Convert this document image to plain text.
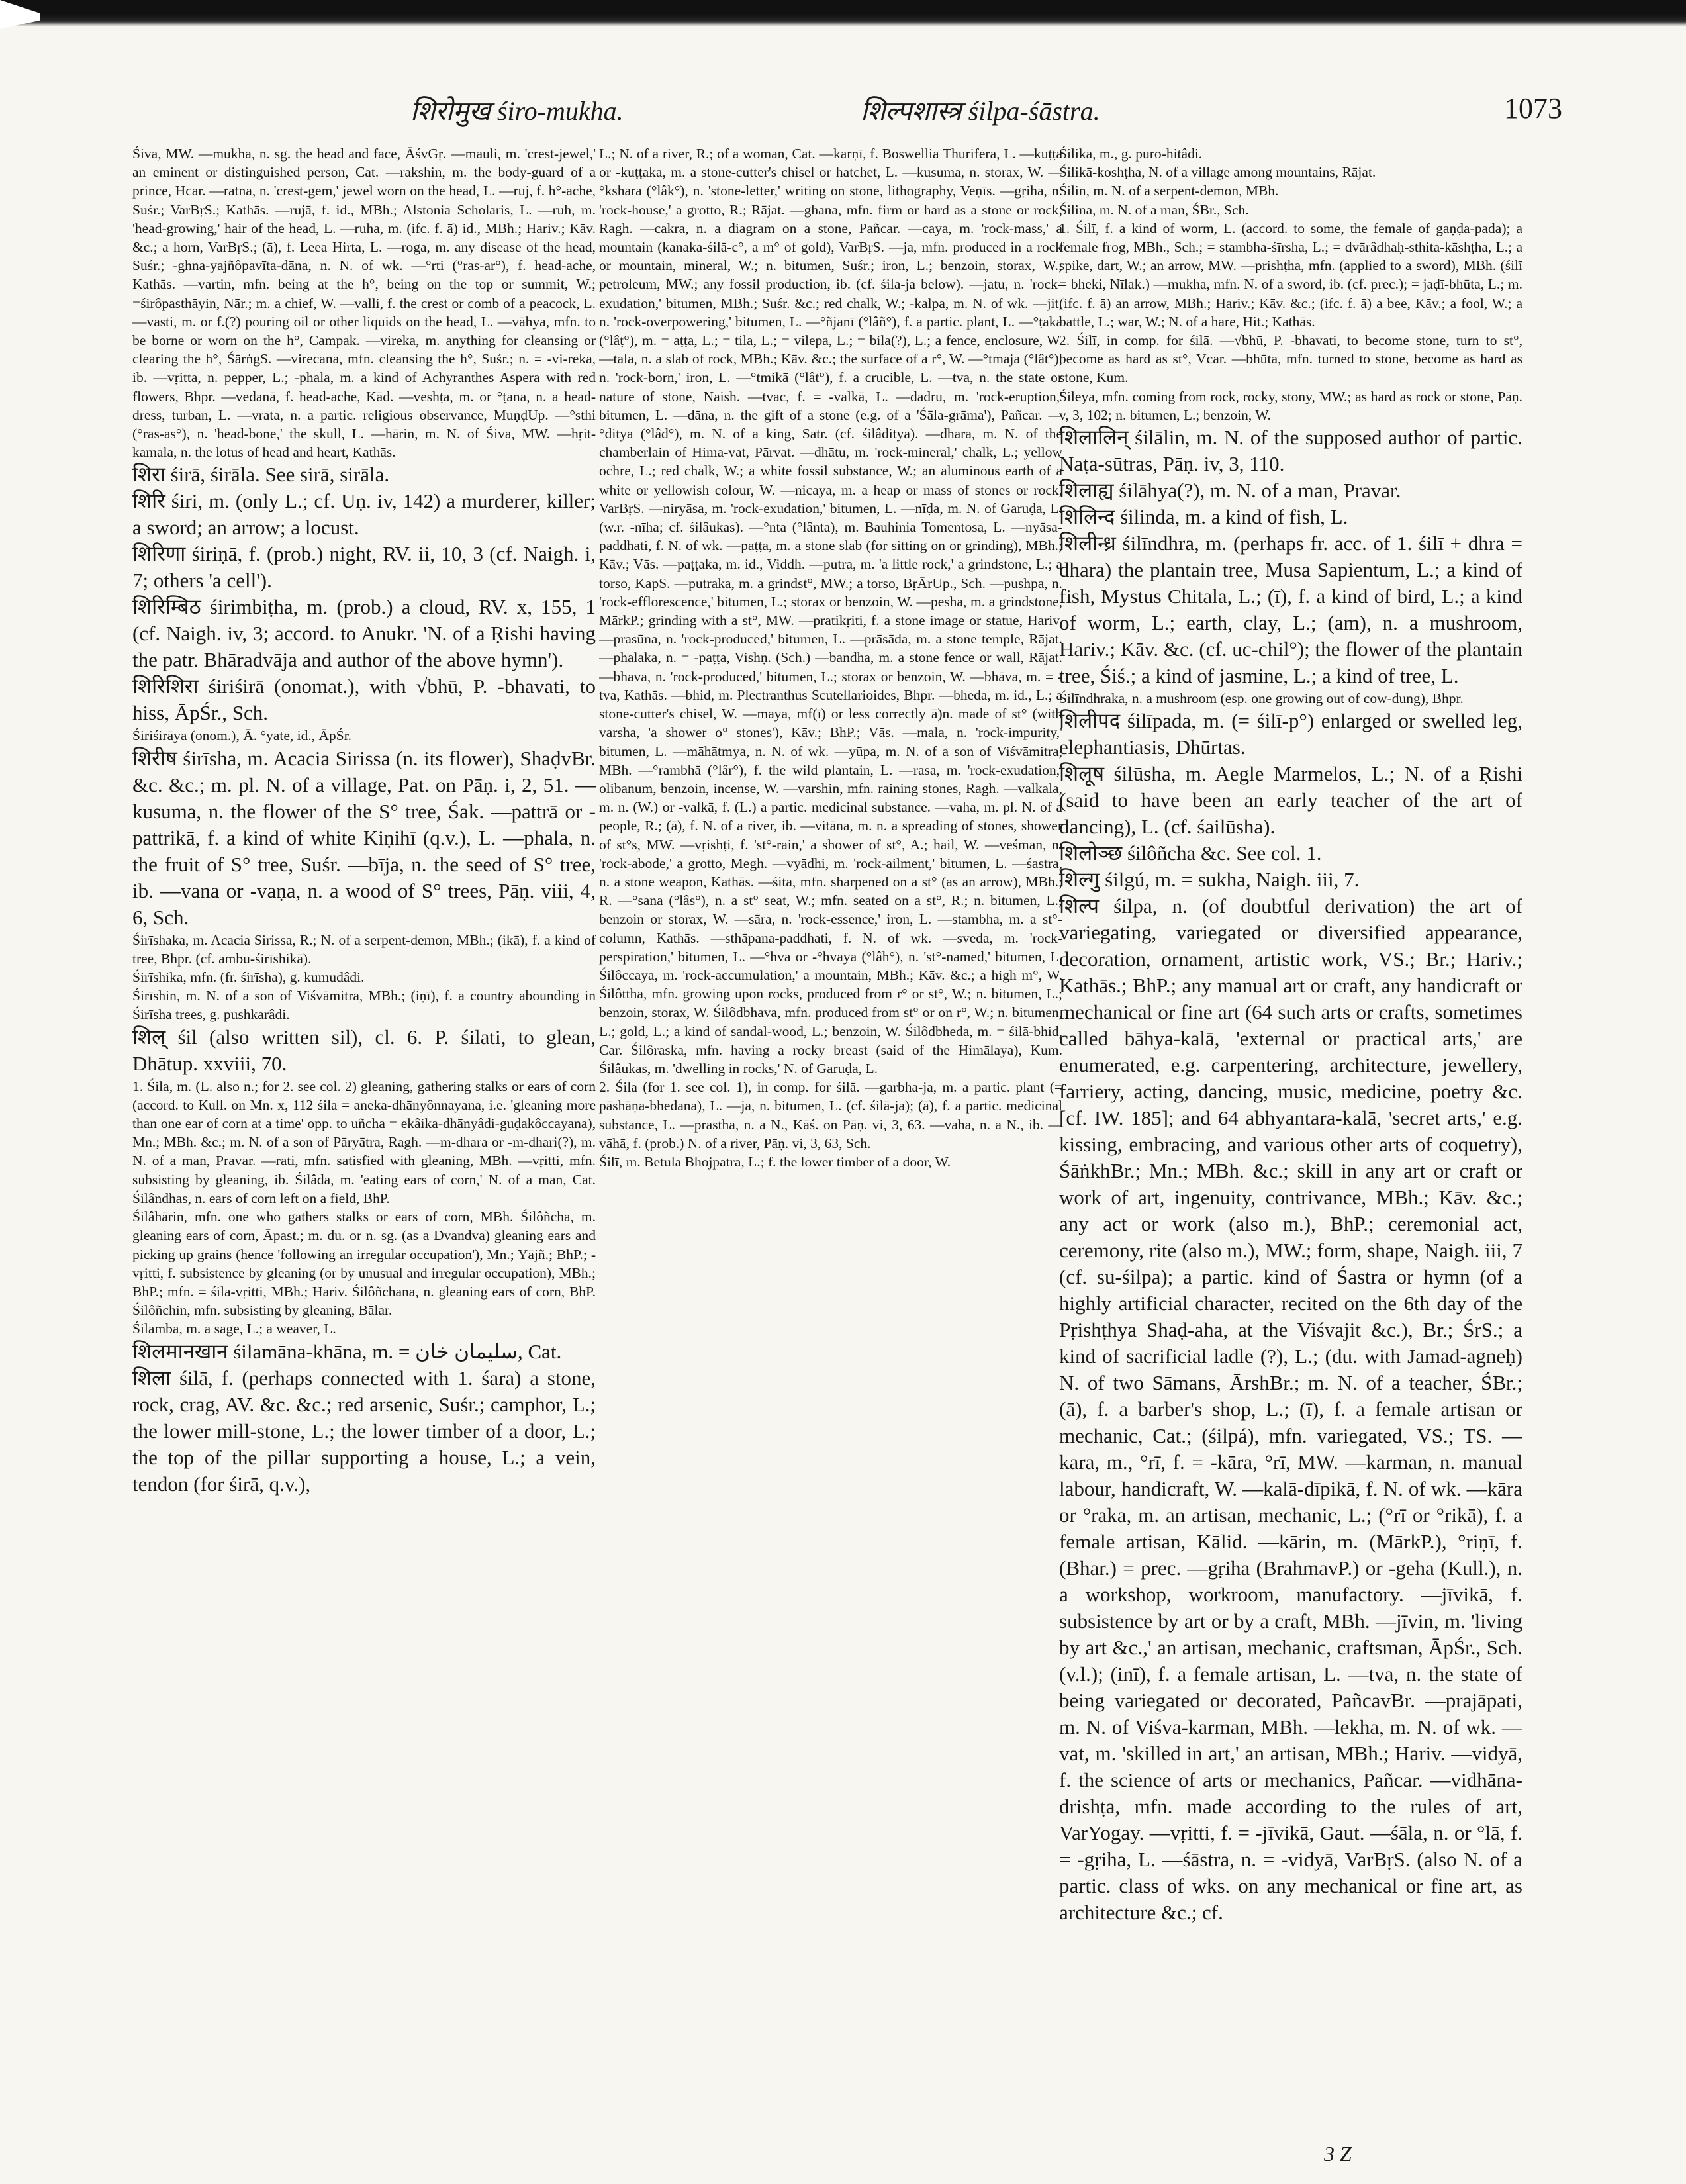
शिरोमुख śiro-mukha.	शिल्पशास्त्र śilpa-śāstra.	1073

Śiva, MW. —mukha, n. sg. the head and face, ĀśvGṛ. —mauli, m. 'crest-jewel,' an eminent or distinguished person, Cat. —rakshin, m. the body-guard of a prince, Hcar. —ratna, n. 'crest-gem,' jewel worn on the head, L. —ruj, f. h°-ache, Suśr.; VarBṛS.; Kathās. —rujā, f. id., MBh.; Alstonia Scholaris, L. —ruh, m. 'head-growing,' hair of the head, L. —ruha, m. (ifc. f. ā) id., MBh.; Hariv.; Kāv. &c.; a horn, VarBṛS.; (ā), f. Leea Hirta, L. —roga, m. any disease of the head, Suśr.; -ghna-yajñôpavīta-dāna, n. N. of wk. —°rti (°ras-ar°), f. head-ache, Kathās. —vartin, mfn. being at the h°, being on the top or summit, W.; =śirôpasthāyin, Nār.; m. a chief, W. —valli, f. the crest or comb of a peacock, L. —vasti, m. or f.(?) pouring oil or other liquids on the head, L. —vāhya, mfn. to be borne or worn on the h°, Campak. —vireka, m. anything for cleansing or clearing the h°, ŚārṅgS. —virecana, mfn. cleansing the h°, Suśr.; n. = -vi-reka, ib. —vṛitta, n. pepper, L.; -phala, m. a kind of Achyranthes Aspera with red flowers, Bhpr. —vedanā, f. head-ache, Kād. —veshṭa, m. or °ṭana, n. a head-dress, turban, L. —vrata, n. a partic. religious observance, MuṇḍUp. —°sthi (°ras-as°), n. 'head-bone,' the skull, L. —hārin, m. N. of Śiva, MW. —hṛit-kamala, n. the lotus of head and heart, Kathās.

शिरा śirā, śirāla. See sirā, sirāla.

शिरि śiri, m. (only L.; cf. Uṇ. iv, 142) a murderer, killer; a sword; an arrow; a locust.

शिरिणा śiriṇā, f. (prob.) night, RV. ii, 10, 3 (cf. Naigh. i, 7; others 'a cell').

शिरिम्बिठ śirimbiṭha, m. (prob.) a cloud, RV. x, 155, 1 (cf. Naigh. iv, 3; accord. to Anukr. 'N. of a Ṛishi having the patr. Bhāradvāja and author of the above hymn').

शिरिशिरा śiriśirā (onomat.), with √bhū, P. -bhavati, to hiss, ĀpŚr., Sch.

Śiriśirāya (onom.), Ā. °yate, id., ĀpŚr.

शिरीष śirīsha, m. Acacia Sirissa (n. its flower), ShaḍvBr. &c. &c.; m. pl. N. of a village, Pat. on Pāṇ. i, 2, 51. —kusuma, n. the flower of the S° tree, Śak. —pattrā or -pattrikā, f. a kind of white Kiṇihī (q.v.), L. —phala, n. the fruit of S° tree, Suśr. —bīja, n. the seed of S° tree, ib. —vana or -vaṇa, n. a wood of S° trees, Pāṇ. viii, 4, 6, Sch.

Śirīshaka, m. Acacia Sirissa, R.; N. of a serpent-demon, MBh.; (ikā), f. a kind of tree, Bhpr. (cf. ambu-śirīshikā).

Śirīshika, mfn. (fr. śirīsha), g. kumudâdi.

Śirīshin, m. N. of a son of Viśvāmitra, MBh.; (iṇī), f. a country abounding in Śirīsha trees, g. pushkarâdi.

शिल् śil (also written sil), cl. 6. P. śilati, to glean, Dhātup. xxviii, 70.

1. Śila, m. (L. also n.; for 2. see col. 2) gleaning, gathering stalks or ears of corn (accord. to Kull. on Mn. x, 112 śila = aneka-dhānyônnayana, i.e. 'gleaning more than one ear of corn at a time' opp. to uñcha = ekâika-dhānyâdi-guḍakôccayana), Mn.; MBh. &c.; m. N. of a son of Pāryātra, Ragh. —m-dhara or -m-dhari(?), m. N. of a man, Pravar. —rati, mfn. satisfied with gleaning, MBh. —vṛitti, mfn. subsisting by gleaning, ib. Śilâda, m. 'eating ears of corn,' N. of a man, Cat. Śilândhas, n. ears of corn left on a field, BhP.

Śilâhārin, mfn. one who gathers stalks or ears of corn, MBh. Śilôñcha, m. gleaning ears of corn, Āpast.; m. du. or n. sg. (as a Dvandva) gleaning ears and picking up grains (hence 'following an irregular occupation'), Mn.; Yājñ.; BhP.; -vṛitti, f. subsistence by gleaning (or by unusual and irregular occupation), MBh.; BhP.; mfn. = śila-vṛitti, MBh.; Hariv. Śilôñchana, n. gleaning ears of corn, BhP. Śilôñchin, mfn. subsisting by gleaning, Bālar.

Śilamba, m. a sage, L.; a weaver, L.

शिलमानखान śilamāna-khāna, m. = سلیمان خان, Cat.

शिला śilā, f. (perhaps connected with 1. śara) a stone, rock, crag, AV. &c. &c.; red arsenic, Suśr.; camphor, L.; the lower mill-stone, L.; the lower timber of a door, L.; the top of the pillar supporting a house, L.; a vein, tendon (for śirā, q.v.),

L.; N. of a river, R.; of a woman, Cat. —karṇī, f. Boswellia Thurifera, L. —kuṭṭa or -kuṭṭaka, m. a stone-cutter's chisel or hatchet, L. —kusuma, n. storax, W. —°kshara (°lâk°), n. 'stone-letter,' writing on stone, lithography, Veṇīs. —gṛiha, n. 'rock-house,' a grotto, R.; Rājat. —ghana, mfn. firm or hard as a stone or rock, Ragh. —cakra, n. a diagram on a stone, Pañcar. —caya, m. 'rock-mass,' a mountain (kanaka-śilā-c°, a m° of gold), VarBṛS. —ja, mfn. produced in a rock or mountain, mineral, W.; n. bitumen, Suśr.; iron, L.; benzoin, storax, W.; petroleum, MW.; any fossil production, ib. (cf. śila-ja below). —jatu, n. 'rock-exudation,' bitumen, MBh.; Suśr. &c.; red chalk, W.; -kalpa, m. N. of wk. —jit, n. 'rock-overpowering,' bitumen, L. —°ñjanī (°lâñ°), f. a partic. plant, L. —°ṭaka (°lâṭ°), m. = aṭṭa, L.; = tila, L.; = vilepa, L.; = bila(?), L.; a fence, enclosure, W. —tala, n. a slab of rock, MBh.; Kāv. &c.; the surface of a r°, W. —°tmaja (°lât°), n. 'rock-born,' iron, L. —°tmikā (°lât°), f. a crucible, L. —tva, n. the state or nature of stone, Naish. —tvac, f. = -valkā, L. —dadru, m. 'rock-eruption,' bitumen, L. —dāna, n. the gift of a stone (e.g. of a 'Śāla-grāma'), Pañcar. —°ditya (°lâd°), m. N. of a king, Satr. (cf. śilâditya). —dhara, m. N. of the chamberlain of Hima-vat, Pārvat. —dhātu, m. 'rock-mineral,' chalk, L.; yellow ochre, L.; red chalk, W.; a white fossil substance, W.; an aluminous earth of a white or yellowish colour, W. —nicaya, m. a heap or mass of stones or rock, VarBṛS. —niryāsa, m. 'rock-exudation,' bitumen, L. —nīḍa, m. N. of Garuḍa, L. (w.r. -nīha; cf. śilâukas). —°nta (°lânta), m. Bauhinia Tomentosa, L. —nyāsa-paddhati, f. N. of wk. —paṭṭa, m. a stone slab (for sitting on or grinding), MBh.; Kāv.; Vās. —paṭṭaka, m. id., Viddh. —putra, m. 'a little rock,' a grindstone, L.; a torso, KapS. —putraka, m. a grindst°, MW.; a torso, BṛĀrUp., Sch. —pushpa, n. 'rock-efflorescence,' bitumen, L.; storax or benzoin, W. —pesha, m. a grindstone, MārkP.; grinding with a st°, MW. —pratikṛiti, f. a stone image or statue, Hariv. —prasūna, n. 'rock-produced,' bitumen, L. —prāsāda, m. a stone temple, Rājat. —phalaka, n. = -paṭṭa, Vishṇ. (Sch.) —bandha, m. a stone fence or wall, Rājat. —bhava, n. 'rock-produced,' bitumen, L.; storax or benzoin, W. —bhāva, m. = -tva, Kathās. —bhid, m. Plectranthus Scutellarioides, Bhpr. —bheda, m. id., L.; a stone-cutter's chisel, W. —maya, mf(ī) or less correctly ā)n. made of st° (with varsha, 'a shower o° stones'), Kāv.; BhP.; Vās. —mala, n. 'rock-impurity,' bitumen, L. —māhātmya, n. N. of wk. —yūpa, m. N. of a son of Viśvāmitra, MBh. —°rambhā (°lâr°), f. the wild plantain, L. —rasa, m. 'rock-exudation,' olibanum, benzoin, incense, W. —varshin, mfn. raining stones, Ragh. —valkala, m. n. (W.) or -valkā, f. (L.) a partic. medicinal substance. —vaha, m. pl. N. of a people, R.; (ā), f. N. of a river, ib. —vitāna, m. n. a spreading of stones, shower of st°s, MW. —vṛishṭi, f. 'st°-rain,' a shower of st°, A.; hail, W. —veśman, n. 'rock-abode,' a grotto, Megh. —vyādhi, m. 'rock-ailment,' bitumen, L. —śastra, n. a stone weapon, Kathās. —śita, mfn. sharpened on a st° (as an arrow), MBh.; R. —°sana (°lâs°), n. a st° seat, W.; mfn. seated on a st°, R.; n. bitumen, L.; benzoin or storax, W. —sāra, n. 'rock-essence,' iron, L. —stambha, m. a st°-column, Kathās. —sthāpana-paddhati, f. N. of wk. —sveda, m. 'rock-perspiration,' bitumen, L. —°hva or -°hvaya (°lâh°), n. 'st°-named,' bitumen, L. Śilôccaya, m. 'rock-accumulation,' a mountain, MBh.; Kāv. &c.; a high m°, W. Śilôttha, mfn. growing upon rocks, produced from r° or st°, W.; n. bitumen, L.; benzoin, storax, W. Śilôdbhava, mfn. produced from st° or on r°, W.; n. bitumen, L.; gold, L.; a kind of sandal-wood, L.; benzoin, W. Śilôdbheda, m. = śilā-bhid, Car. Śilôraska, mfn. having a rocky breast (said of the Himālaya), Kum. Śilâukas, m. 'dwelling in rocks,' N. of Garuḍa, L.

2. Śila (for 1. see col. 1), in comp. for śilā. —garbha-ja, m. a partic. plant (= pāshāṇa-bhedana), L. —ja, n. bitumen, L. (cf. śilā-ja); (ā), f. a partic. medicinal substance, L. —prastha, n. a N., Kāś. on Pāṇ. vi, 3, 63. —vaha, n. a N., ib. —vāhā, f. (prob.) N. of a river, Pāṇ. vi, 3, 63, Sch.

Śilī, m. Betula Bhojpatra, L.; f. the lower timber of a door, W.

Śilika, m., g. puro-hitâdi.

Śilikā-koshṭha, N. of a village among mountains, Rājat.

Śilin, m. N. of a serpent-demon, MBh.

Śilina, m. N. of a man, ŚBr., Sch.

1. Śilī, f. a kind of worm, L. (accord. to some, the female of gaṇḍa-pada); a female frog, MBh., Sch.; = stambha-śīrsha, L.; = dvārâdhaḥ-sthita-kāshṭha, L.; a spike, dart, W.; an arrow, MW. —prishṭha, mfn. (applied to a sword), MBh. (śilī = bheki, Nīlak.) —mukha, mfn. N. of a sword, ib. (cf. prec.); = jaḍī-bhūta, L.; m. (ifc. f. ā) an arrow, MBh.; Hariv.; Kāv. &c.; (ifc. f. ā) a bee, Kāv.; a fool, W.; a battle, L.; war, W.; N. of a hare, Hit.; Kathās.

2. Śilī, in comp. for śilā. —√bhū, P. -bhavati, to become stone, turn to st°, become as hard as st°, Vcar. —bhūta, mfn. turned to stone, become as hard as stone, Kum.

Śileya, mfn. coming from rock, rocky, stony, MW.; as hard as rock or stone, Pāṇ. v, 3, 102; n. bitumen, L.; benzoin, W.

शिलालिन् śilālin, m. N. of the supposed author of partic. Naṭa-sūtras, Pāṇ. iv, 3, 110.

शिलाह्य śilāhya(?), m. N. of a man, Pravar.

शिलिन्द śilinda, m. a kind of fish, L.

शिलीन्ध्र śilīndhra, m. (perhaps fr. acc. of 1. śilī + dhra = dhara) the plantain tree, Musa Sapientum, L.; a kind of fish, Mystus Chitala, L.; (ī), f. a kind of bird, L.; a kind of worm, L.; earth, clay, L.; (am), n. a mushroom, Hariv.; Kāv. &c. (cf. uc-chil°); the flower of the plantain tree, Śiś.; a kind of jasmine, L.; a kind of tree, L.

Śilīndhraka, n. a mushroom (esp. one growing out of cow-dung), Bhpr.

शिलीपद śilīpada, m. (= śilī-p°) enlarged or swelled leg, elephantiasis, Dhūrtas.

शिलूष śilūsha, m. Aegle Marmelos, L.; N. of a Ṛishi (said to have been an early teacher of the art of dancing), L. (cf. śailūsha).

शिलोञ्छ śilôñcha &c. See col. 1.

शिल्गु śilgú, m. = sukha, Naigh. iii, 7.

शिल्प śilpa, n. (of doubtful derivation) the art of variegating, variegated or diversified appearance, decoration, ornament, artistic work, VS.; Br.; Hariv.; Kathās.; BhP.; any manual art or craft, any handicraft or mechanical or fine art (64 such arts or crafts, sometimes called bāhya-kalā, 'external or practical arts,' are enumerated, e.g. carpentering, architecture, jewellery, farriery, acting, dancing, music, medicine, poetry &c. [cf. IW. 185]; and 64 abhyantara-kalā, 'secret arts,' e.g. kissing, embracing, and various other arts of coquetry), ŚāṅkhBr.; Mn.; MBh. &c.; skill in any art or craft or work of art, ingenuity, contrivance, MBh.; Kāv. &c.; any act or work (also m.), BhP.; ceremonial act, ceremony, rite (also m.), MW.; form, shape, Naigh. iii, 7 (cf. su-śilpa); a partic. kind of Śastra or hymn (of a highly artificial character, recited on the 6th day of the Pṛishṭhya Shaḍ-aha, at the Viśvajit &c.), Br.; ŚrS.; a kind of sacrificial ladle (?), L.; (du. with Jamad-agneḥ) N. of two Sāmans, ĀrshBr.; m. N. of a teacher, ŚBr.; (ā), f. a barber's shop, L.; (ī), f. a female artisan or mechanic, Cat.; (śilpá), mfn. variegated, VS.; TS. —kara, m., °rī, f. = -kāra, °rī, MW. —karman, n. manual labour, handicraft, W. —kalā-dīpikā, f. N. of wk. —kāra or °raka, m. an artisan, mechanic, L.; (°rī or °rikā), f. a female artisan, Kālid. —kārin, m. (MārkP.), °riṇī, f. (Bhar.) = prec. —gṛiha (BrahmavP.) or -geha (Kull.), n. a workshop, workroom, manufactory. —jīvikā, f. subsistence by art or by a craft, MBh. —jīvin, m. 'living by art &c.,' an artisan, mechanic, craftsman, ĀpŚr., Sch. (v.l.); (inī), f. a female artisan, L. —tva, n. the state of being variegated or decorated, PañcavBr. —prajāpati, m. N. of Viśva-karman, MBh. —lekha, m. N. of wk. —vat, m. 'skilled in art,' an artisan, MBh.; Hariv. —vidyā, f. the science of arts or mechanics, Pañcar. —vidhāna-drishṭa, mfn. made according to the rules of art, VarYogay. —vṛitti, f. = -jīvikā, Gaut. —śāla, n. or °lā, f. = -gṛiha, L. —śāstra, n. = -vidyā, VarBṛS. (also N. of a partic. class of wks. on any mechanical or fine art, as architecture &c.; cf.

3 Z
